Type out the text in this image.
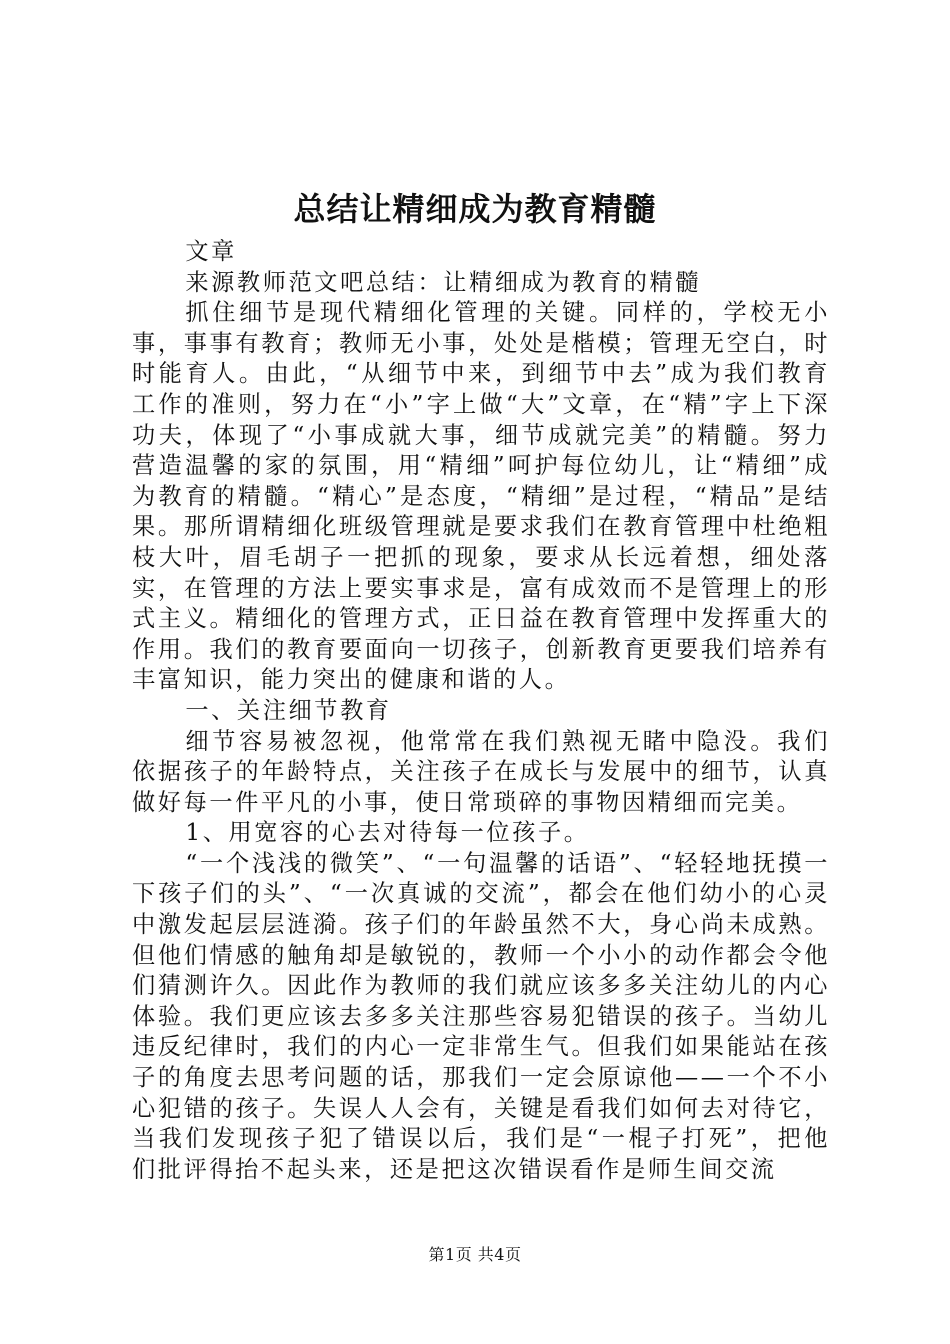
总结让精细成为教育精髓

文章

来源教师范文吧总结：让精细成为教育的精髓

抓住细节是现代精细化管理的关键。同样的，学校无小事，事事有教育；教师无小事，处处是楷模；管理无空白，时时能育人。由此，“从细节中来，到细节中去”成为我们教育工作的准则，努力在“小”字上做“大”文章，在“精”字上下深功夫，体现了“小事成就大事，细节成就完美”的精髓。努力营造温馨的家的氛围，用“精细”呵护每位幼儿，让“精细”成为教育的精髓。“精心”是态度，“精细”是过程，“精品”是结果。那所谓精细化班级管理就是要求我们在教育管理中杜绝粗枝大叶，眉毛胡子一把抓的现象，要求从长远着想，细处落实，在管理的方法上要实事求是，富有成效而不是管理上的形式主义。精细化的管理方式，正日益在教育管理中发挥重大的作用。我们的教育要面向一切孩子，创新教育更要我们培养有丰富知识，能力突出的健康和谐的人。

一、关注细节教育

细节容易被忽视，他常常在我们熟视无睹中隐没。我们依据孩子的年龄特点，关注孩子在成长与发展中的细节，认真做好每一件平凡的小事，使日常琐碎的事物因精细而完美。

1、用宽容的心去对待每一位孩子。

“一个浅浅的微笑”、“一句温馨的话语”、“轻轻地抚摸一下孩子们的头”、“一次真诚的交流”，都会在他们幼小的心灵中激发起层层涟漪。孩子们的年龄虽然不大，身心尚未成熟。但他们情感的触角却是敏锐的，教师一个小小的动作都会令他们猜测许久。因此作为教师的我们就应该多多关注幼儿的内心体验。我们更应该去多多关注那些容易犯错误的孩子。当幼儿违反纪律时，我们的内心一定非常生气。但我们如果能站在孩子的角度去思考问题的话，那我们一定会原谅他——一个不小心犯错的孩子。失误人人会有，关键是看我们如何去对待它，当我们发现孩子犯了错误以后，我们是“一棍子打死”，把他们批评得抬不起头来，还是把这次错误看作是师生间交流

第1页 共4页
